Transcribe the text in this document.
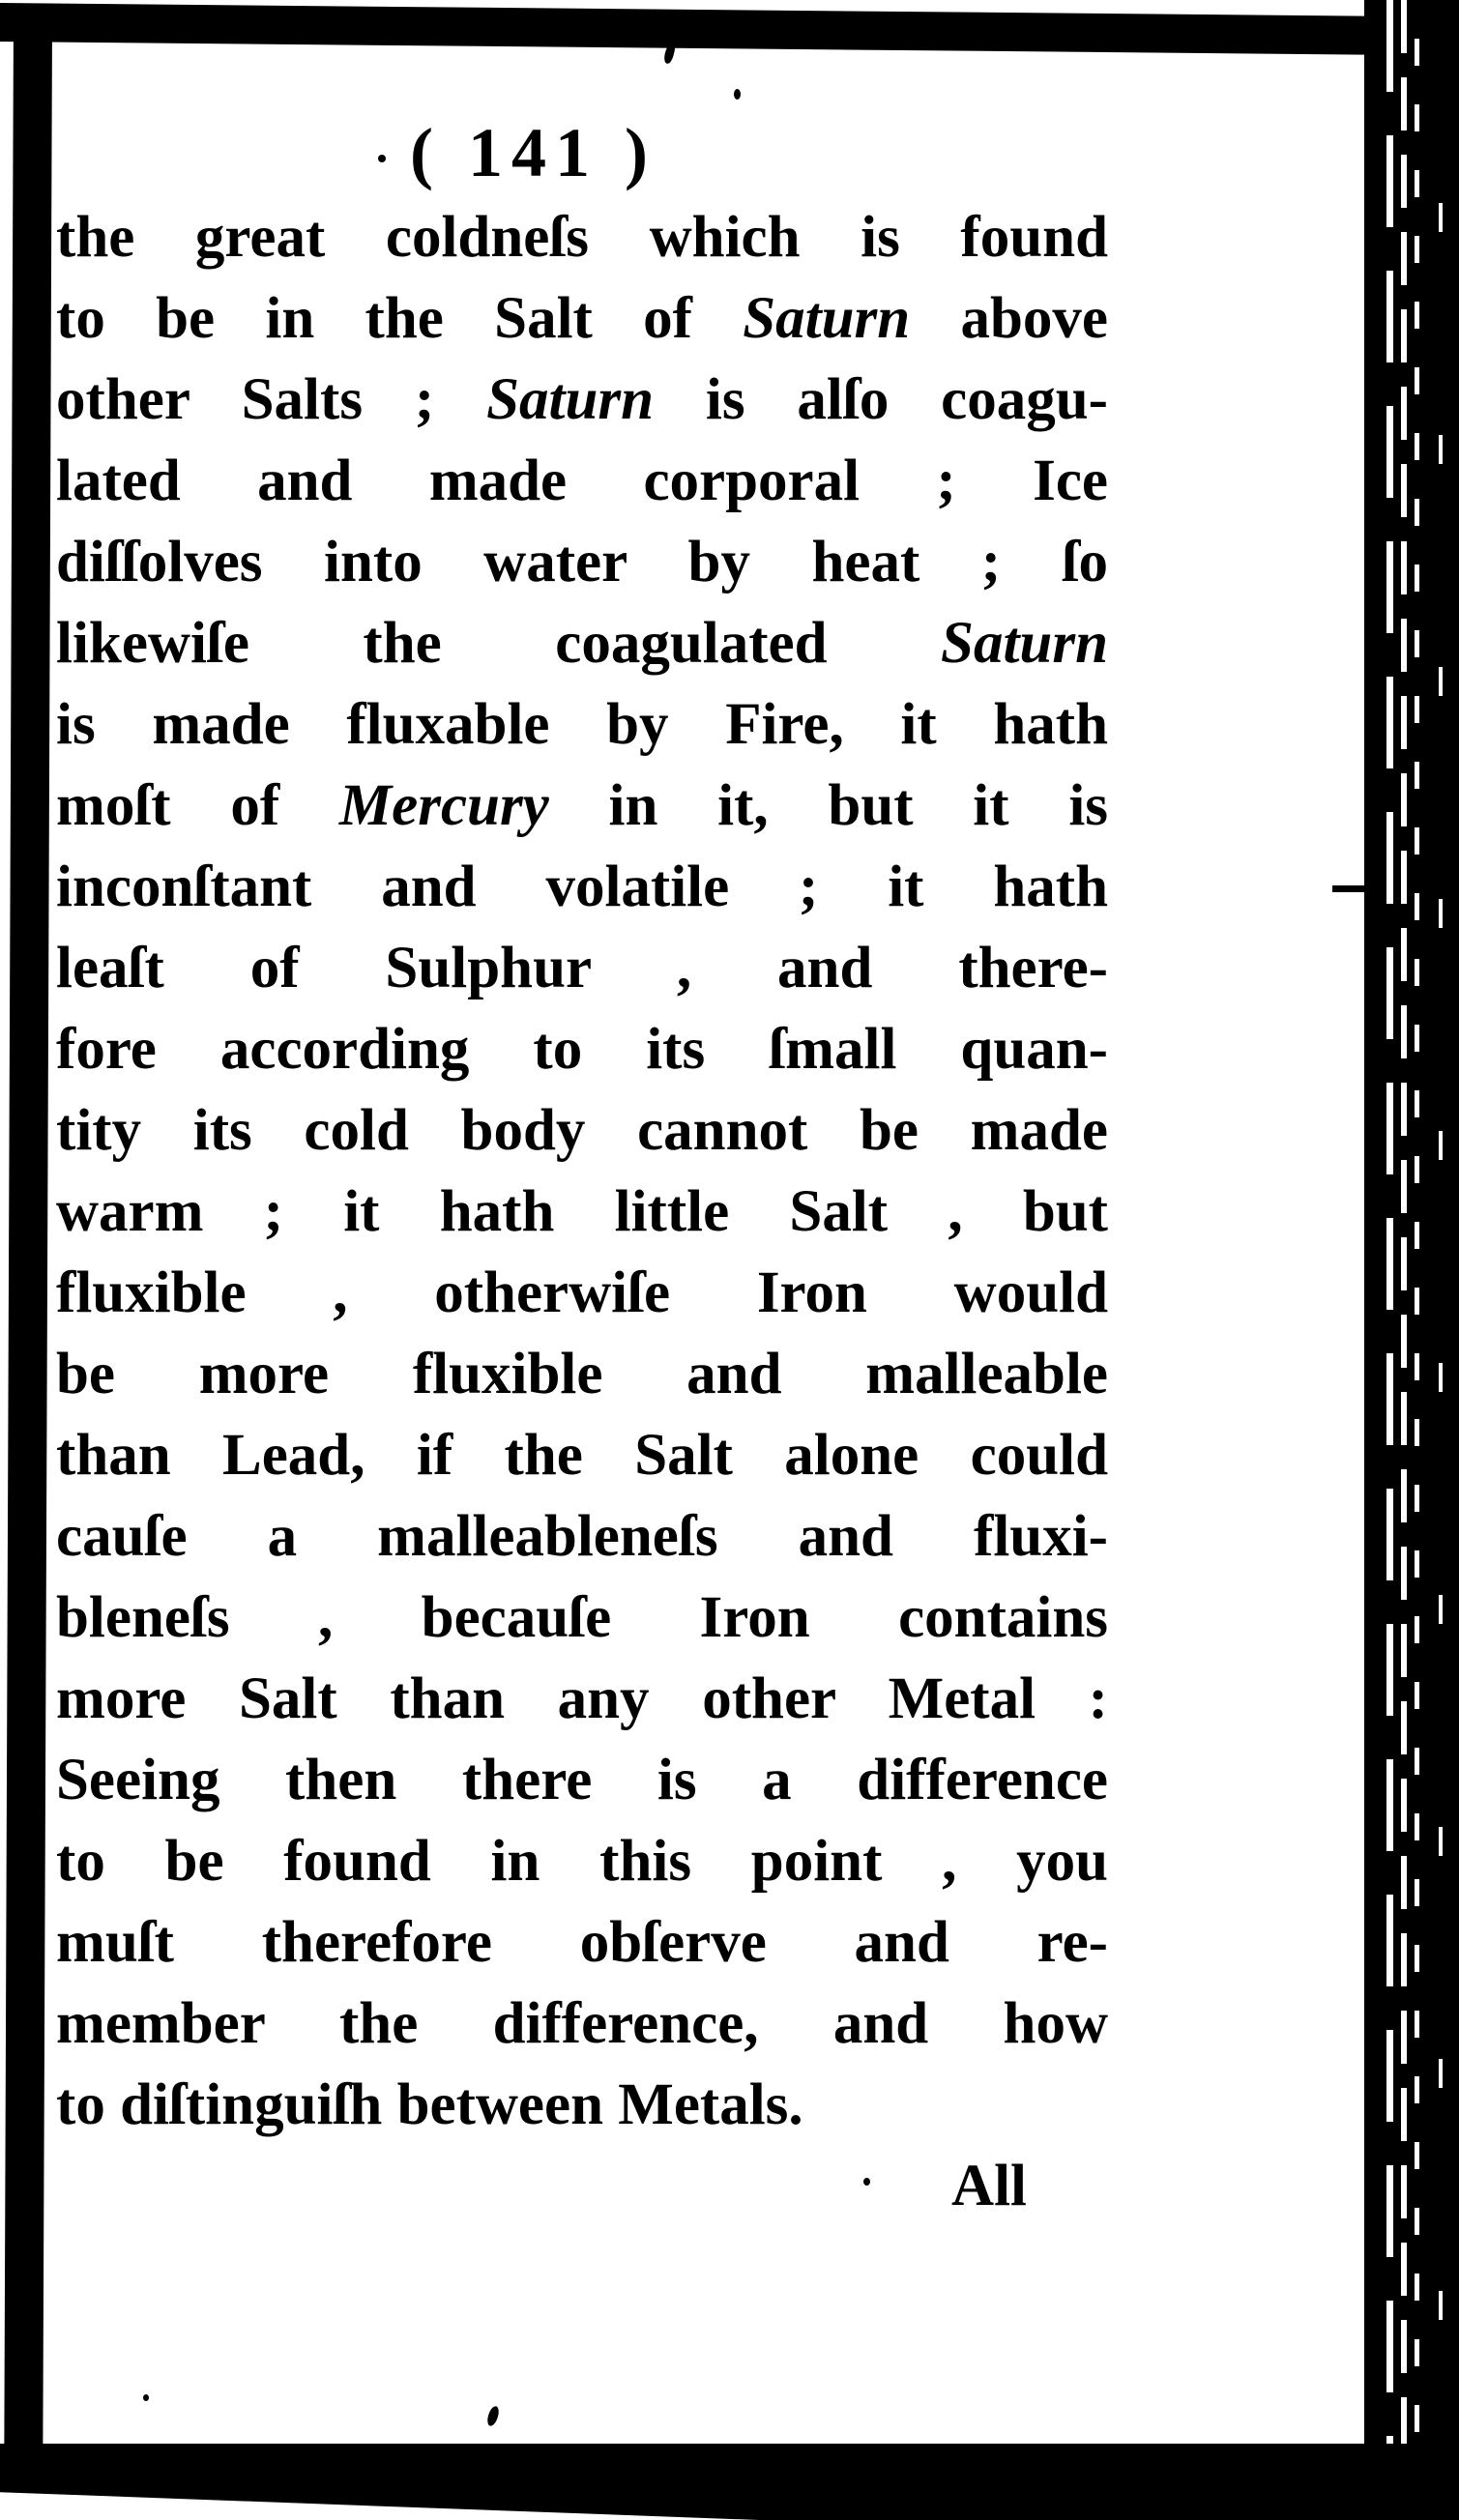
( 141 )
the great coldneſs which is found
to be in the Salt of Saturn above
other Salts ; Saturn is alſo coagu-
lated and made corporal ; Ice
diſſolves into water by heat ; ſo
likewiſe the coagulated Saturn
is made fluxable by Fire, it hath
moſt of Mercury in it, but it is
inconſtant and volatile ; it hath
leaſt of Sulphur , and there-
fore according to its ſmall quan-
tity its cold body cannot be made
warm ; it hath little Salt , but
fluxible , otherwiſe Iron would
be more fluxible and malleable
than Lead, if the Salt alone could
cauſe a malleableneſs and fluxi-
bleneſs , becauſe Iron contains
more Salt than any other Metal :
Seeing then there is a difference
to be found in this point , you
muſt therefore obſerve and re-
member the difference, and how
to diſtinguiſh between Metals.
All
